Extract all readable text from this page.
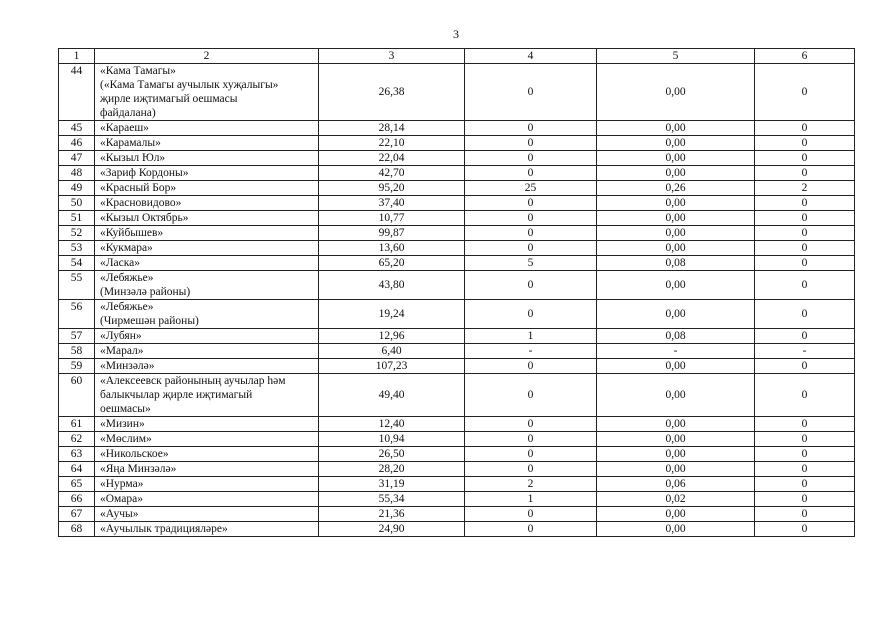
3
1	2	3	4	5	6
44	«Кама Тамагы»
(«Кама Тамагы аучылык хуҗалыгы»
җирле иҗтимагый оешмасы
файдалана)	26,38	0	0,00	0
45	«Караеш»	28,14	0	0,00	0
46	«Карамалы»	22,10	0	0,00	0
47	«Кызыл Юл»	22,04	0	0,00	0
48	«Зариф Кордоны»	42,70	0	0,00	0
49	«Красный Бор»	95,20	25	0,26	2
50	«Красновидово»	37,40	0	0,00	0
51	«Кызыл Октябрь»	10,77	0	0,00	0
52	«Куйбышев»	99,87	0	0,00	0
53	«Кукмара»	13,60	0	0,00	0
54	«Ласка»	65,20	5	0,08	0
55	«Лебяжье»
(Минзәлә районы)	43,80	0	0,00	0
56	«Лебяжье»
(Чирмешән районы)	19,24	0	0,00	0
57	«Лубян»	12,96	1	0,08	0
58	«Марал»	6,40	-	-	-
59	«Минзәлә»	107,23	0	0,00	0
60	«Алексеевск районының аучылар һәм
балыкчылар җирле иҗтимагый
оешмасы»	49,40	0	0,00	0
61	«Мизин»	12,40	0	0,00	0
62	«Мөслим»	10,94	0	0,00	0
63	«Никольское»	26,50	0	0,00	0
64	«Яңа Минзәлә»	28,20	0	0,00	0
65	«Нурма»	31,19	2	0,06	0
66	«Омара»	55,34	1	0,02	0
67	«Аучы»	21,36	0	0,00	0
68	«Аучылык традицияләре»	24,90	0	0,00	0
